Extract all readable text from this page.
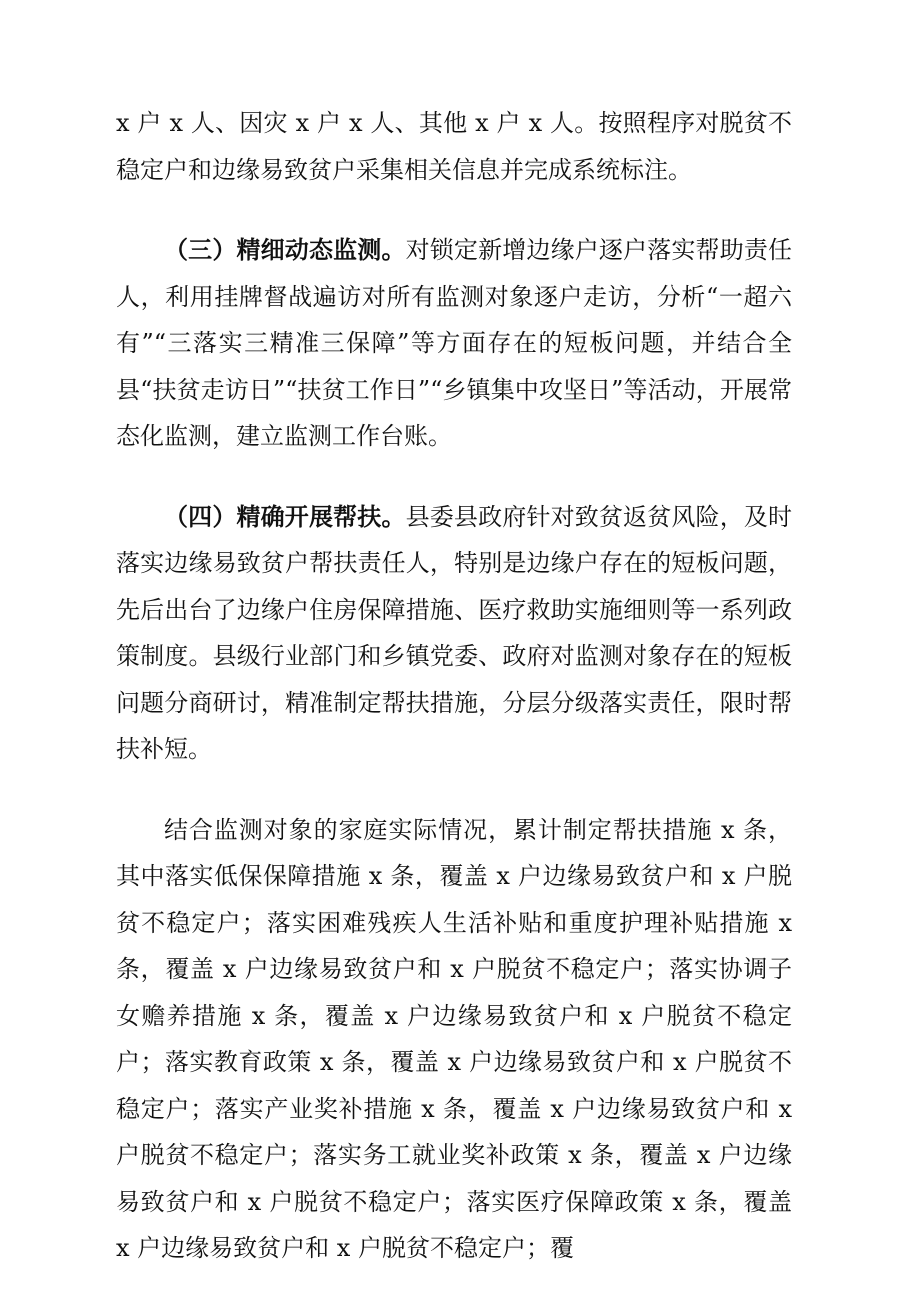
x 户 x 人、因灾 x 户 x 人、其他 x 户 x 人。按照程序对脱贫不稳定户和边缘易致贫户采集相关信息并完成系统标注。

（三）精细动态监测。对锁定新增边缘户逐户落实帮助责任人，利用挂牌督战遍访对所有监测对象逐户走访，分析“一超六有”“三落实三精准三保障”等方面存在的短板问题，并结合全县“扶贫走访日”“扶贫工作日”“乡镇集中攻坚日”等活动，开展常态化监测，建立监测工作台账。

（四）精确开展帮扶。县委县政府针对致贫返贫风险，及时落实边缘易致贫户帮扶责任人，特别是边缘户存在的短板问题，先后出台了边缘户住房保障措施、医疗救助实施细则等一系列政策制度。县级行业部门和乡镇党委、政府对监测对象存在的短板问题分商研讨，精准制定帮扶措施，分层分级落实责任，限时帮扶补短。

结合监测对象的家庭实际情况，累计制定帮扶措施 x 条，其中落实低保保障措施 x 条，覆盖 x 户边缘易致贫户和 x 户脱贫不稳定户；落实困难残疾人生活补贴和重度护理补贴措施 x 条，覆盖 x 户边缘易致贫户和 x 户脱贫不稳定户；落实协调子女赡养措施 x 条，覆盖 x 户边缘易致贫户和 x 户脱贫不稳定户；落实教育政策 x 条，覆盖 x 户边缘易致贫户和 x 户脱贫不稳定户；落实产业奖补措施 x 条，覆盖 x 户边缘易致贫户和 x 户脱贫不稳定户；落实务工就业奖补政策 x 条，覆盖 x 户边缘易致贫户和 x 户脱贫不稳定户；落实医疗保障政策 x 条，覆盖 x 户边缘易致贫户和 x 户脱贫不稳定户；覆
